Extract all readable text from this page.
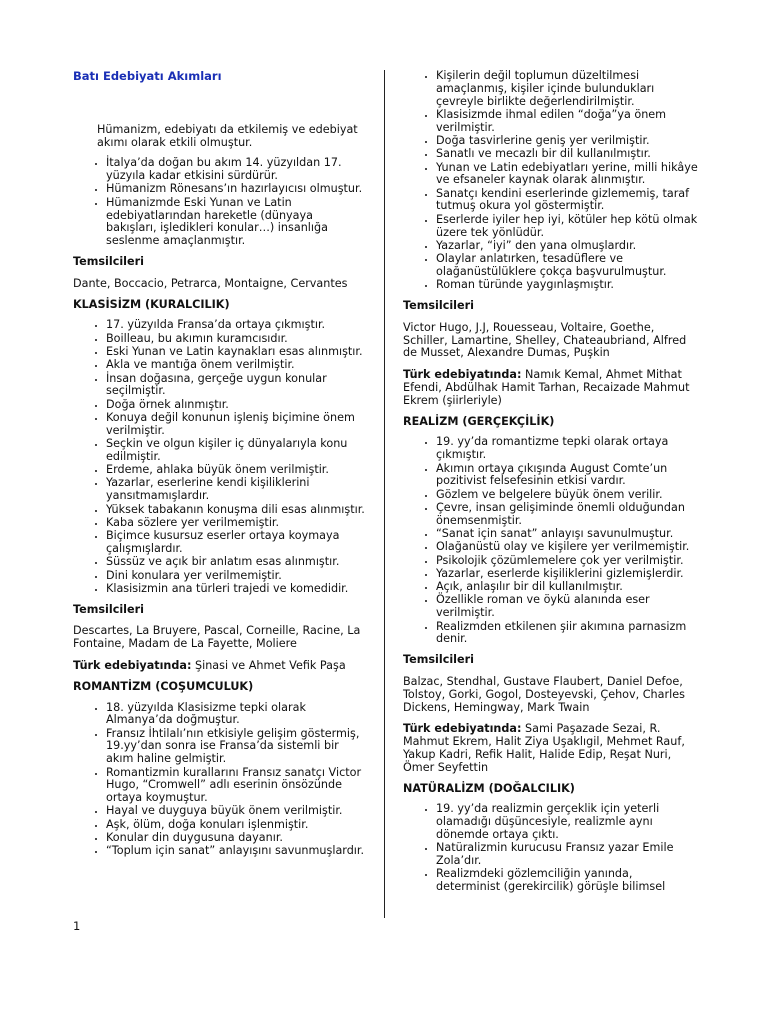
Batı Edebiyatı Akımları
Hümanizm, edebiyatı da etkilemiş ve edebiyat akımı olarak etkili olmuştur.
• İtalya’da doğan bu akım 14. yüzyıldan 17. yüzyıla kadar etkisini sürdürür.
• Hümanizm Rönesans’ın hazırlayıcısı olmuştur.
• Hümanizmde Eski Yunan ve Latin edebiyatlarından hareketle (dünyaya bakışları, işledikleri konular…) insanlığa seslenme amaçlanmıştır.
Temsilcileri
Dante, Boccacio, Petrarca, Montaigne, Cervantes
KLASİSİZM (KURALCILIK)
• 17. yüzyılda Fransa’da ortaya çıkmıştır.
• Boilleau, bu akımın kuramcısıdır.
• Eski Yunan ve Latin kaynakları esas alınmıştır.
• Akla ve mantığa önem verilmiştir.
• İnsan doğasına, gerçeğe uygun konular seçilmiştir.
• Doğa örnek alınmıştır.
• Konuya değil konunun işleniş biçimine önem verilmiştir.
• Seçkin ve olgun kişiler iç dünyalarıyla konu edilmiştir.
• Erdeme, ahlaka büyük önem verilmiştir.
• Yazarlar, eserlerine kendi kişiliklerini yansıtmamışlardır.
• Yüksek tabakanın konuşma dili esas alınmıştır.
• Kaba sözlere yer verilmemiştir.
• Biçimce kusursuz eserler ortaya koymaya çalışmışlardır.
• Süssüz ve açık bir anlatım esas alınmıştır.
• Dini konulara yer verilmemiştir.
• Klasisizmin ana türleri trajedi ve komedidir.
Temsilcileri
Descartes, La Bruyere, Pascal, Corneille, Racine, La Fontaine, Madam de La Fayette, Moliere
Türk edebiyatında: Şinasi ve Ahmet Vefik Paşa
ROMANTİZM (COŞUMCULUK)
• 18. yüzyılda Klasisizme tepki olarak Almanya’da doğmuştur.
• Fransız İhtilalı’nın etkisiyle gelişim göstermiş, 19.yy’dan sonra ise Fransa’da sistemli bir akım haline gelmiştir.
• Romantizmin kurallarını Fransız sanatçı Victor Hugo, “Cromwell” adlı eserinin önsözünde ortaya koymuştur.
• Hayal ve duyguya büyük önem verilmiştir.
• Aşk, ölüm, doğa konuları işlenmiştir.
• Konular din duygusuna dayanır.
• “Toplum için sanat” anlayışını savunmuşlardır.
• Kişilerin değil toplumun düzeltilmesi amaçlanmış, kişiler içinde bulundukları çevreyle birlikte değerlendirilmiştir.
• Klasisizmde ihmal edilen “doğa”ya önem verilmiştir.
• Doğa tasvirlerine geniş yer verilmiştir.
• Sanatlı ve mecazlı bir dil kullanılmıştır.
• Yunan ve Latin edebiyatları yerine, milli hikâye ve efsaneler kaynak olarak alınmıştır.
• Sanatçı kendini eserlerinde gizlememiş, taraf tutmuş okura yol göstermiştir.
• Eserlerde iyiler hep iyi, kötüler hep kötü olmak üzere tek yönlüdür.
• Yazarlar, “iyi” den yana olmuşlardır.
• Olaylar anlatırken, tesadüflere ve olağanüstülüklere çokça başvurulmuştur.
• Roman türünde yaygınlaşmıştır.
Temsilcileri
Victor Hugo, J.J, Rouesseau, Voltaire, Goethe, Schiller, Lamartine, Shelley, Chateaubriand, Alfred de Musset, Alexandre Dumas, Puşkin
Türk edebiyatında: Namık Kemal, Ahmet Mithat Efendi, Abdülhak Hamit Tarhan, Recaizade Mahmut Ekrem (şiirleriyle)
REALİZM (GERÇEKÇİLİK)
• 19. yy’da romantizme tepki olarak ortaya çıkmıştır.
• Akımın ortaya çıkışında August Comte’un pozitivist felsefesinin etkisi vardır.
• Gözlem ve belgelere büyük önem verilir.
• Çevre, insan gelişiminde önemli olduğundan önemsenmiştir.
• “Sanat için sanat” anlayışı savunulmuştur.
• Olağanüstü olay ve kişilere yer verilmemiştir.
• Psikolojik çözümlemelere çok yer verilmiştir.
• Yazarlar, eserlerde kişiliklerini gizlemişlerdir.
• Açık, anlaşılır bir dil kullanılmıştır.
• Özellikle roman ve öykü alanında eser verilmiştir.
• Realizmden etkilenen şiir akımına parnasizm denir.
Temsilcileri
Balzac, Stendhal, Gustave Flaubert, Daniel Defoe, Tolstoy, Gorki, Gogol, Dosteyevski, Çehov, Charles Dickens, Hemingway, Mark Twain
Türk edebiyatında: Sami Paşazade Sezai, R. Mahmut Ekrem, Halit Ziya Uşaklıgil, Mehmet Rauf, Yakup Kadri, Refik Halit, Halide Edip, Reşat Nuri, Ömer Seyfettin
NATÜRALİZM (DOĞALCILIK)
• 19. yy’da realizmin gerçeklik için yeterli olamadığı düşüncesiyle, realizmle aynı dönemde ortaya çıktı.
• Natüralizmin kurucusu Fransız yazar Emile Zola’dır.
• Realizmdeki gözlemciliğin yanında, determinist (gerekircilik) görüşle bilimsel
1
